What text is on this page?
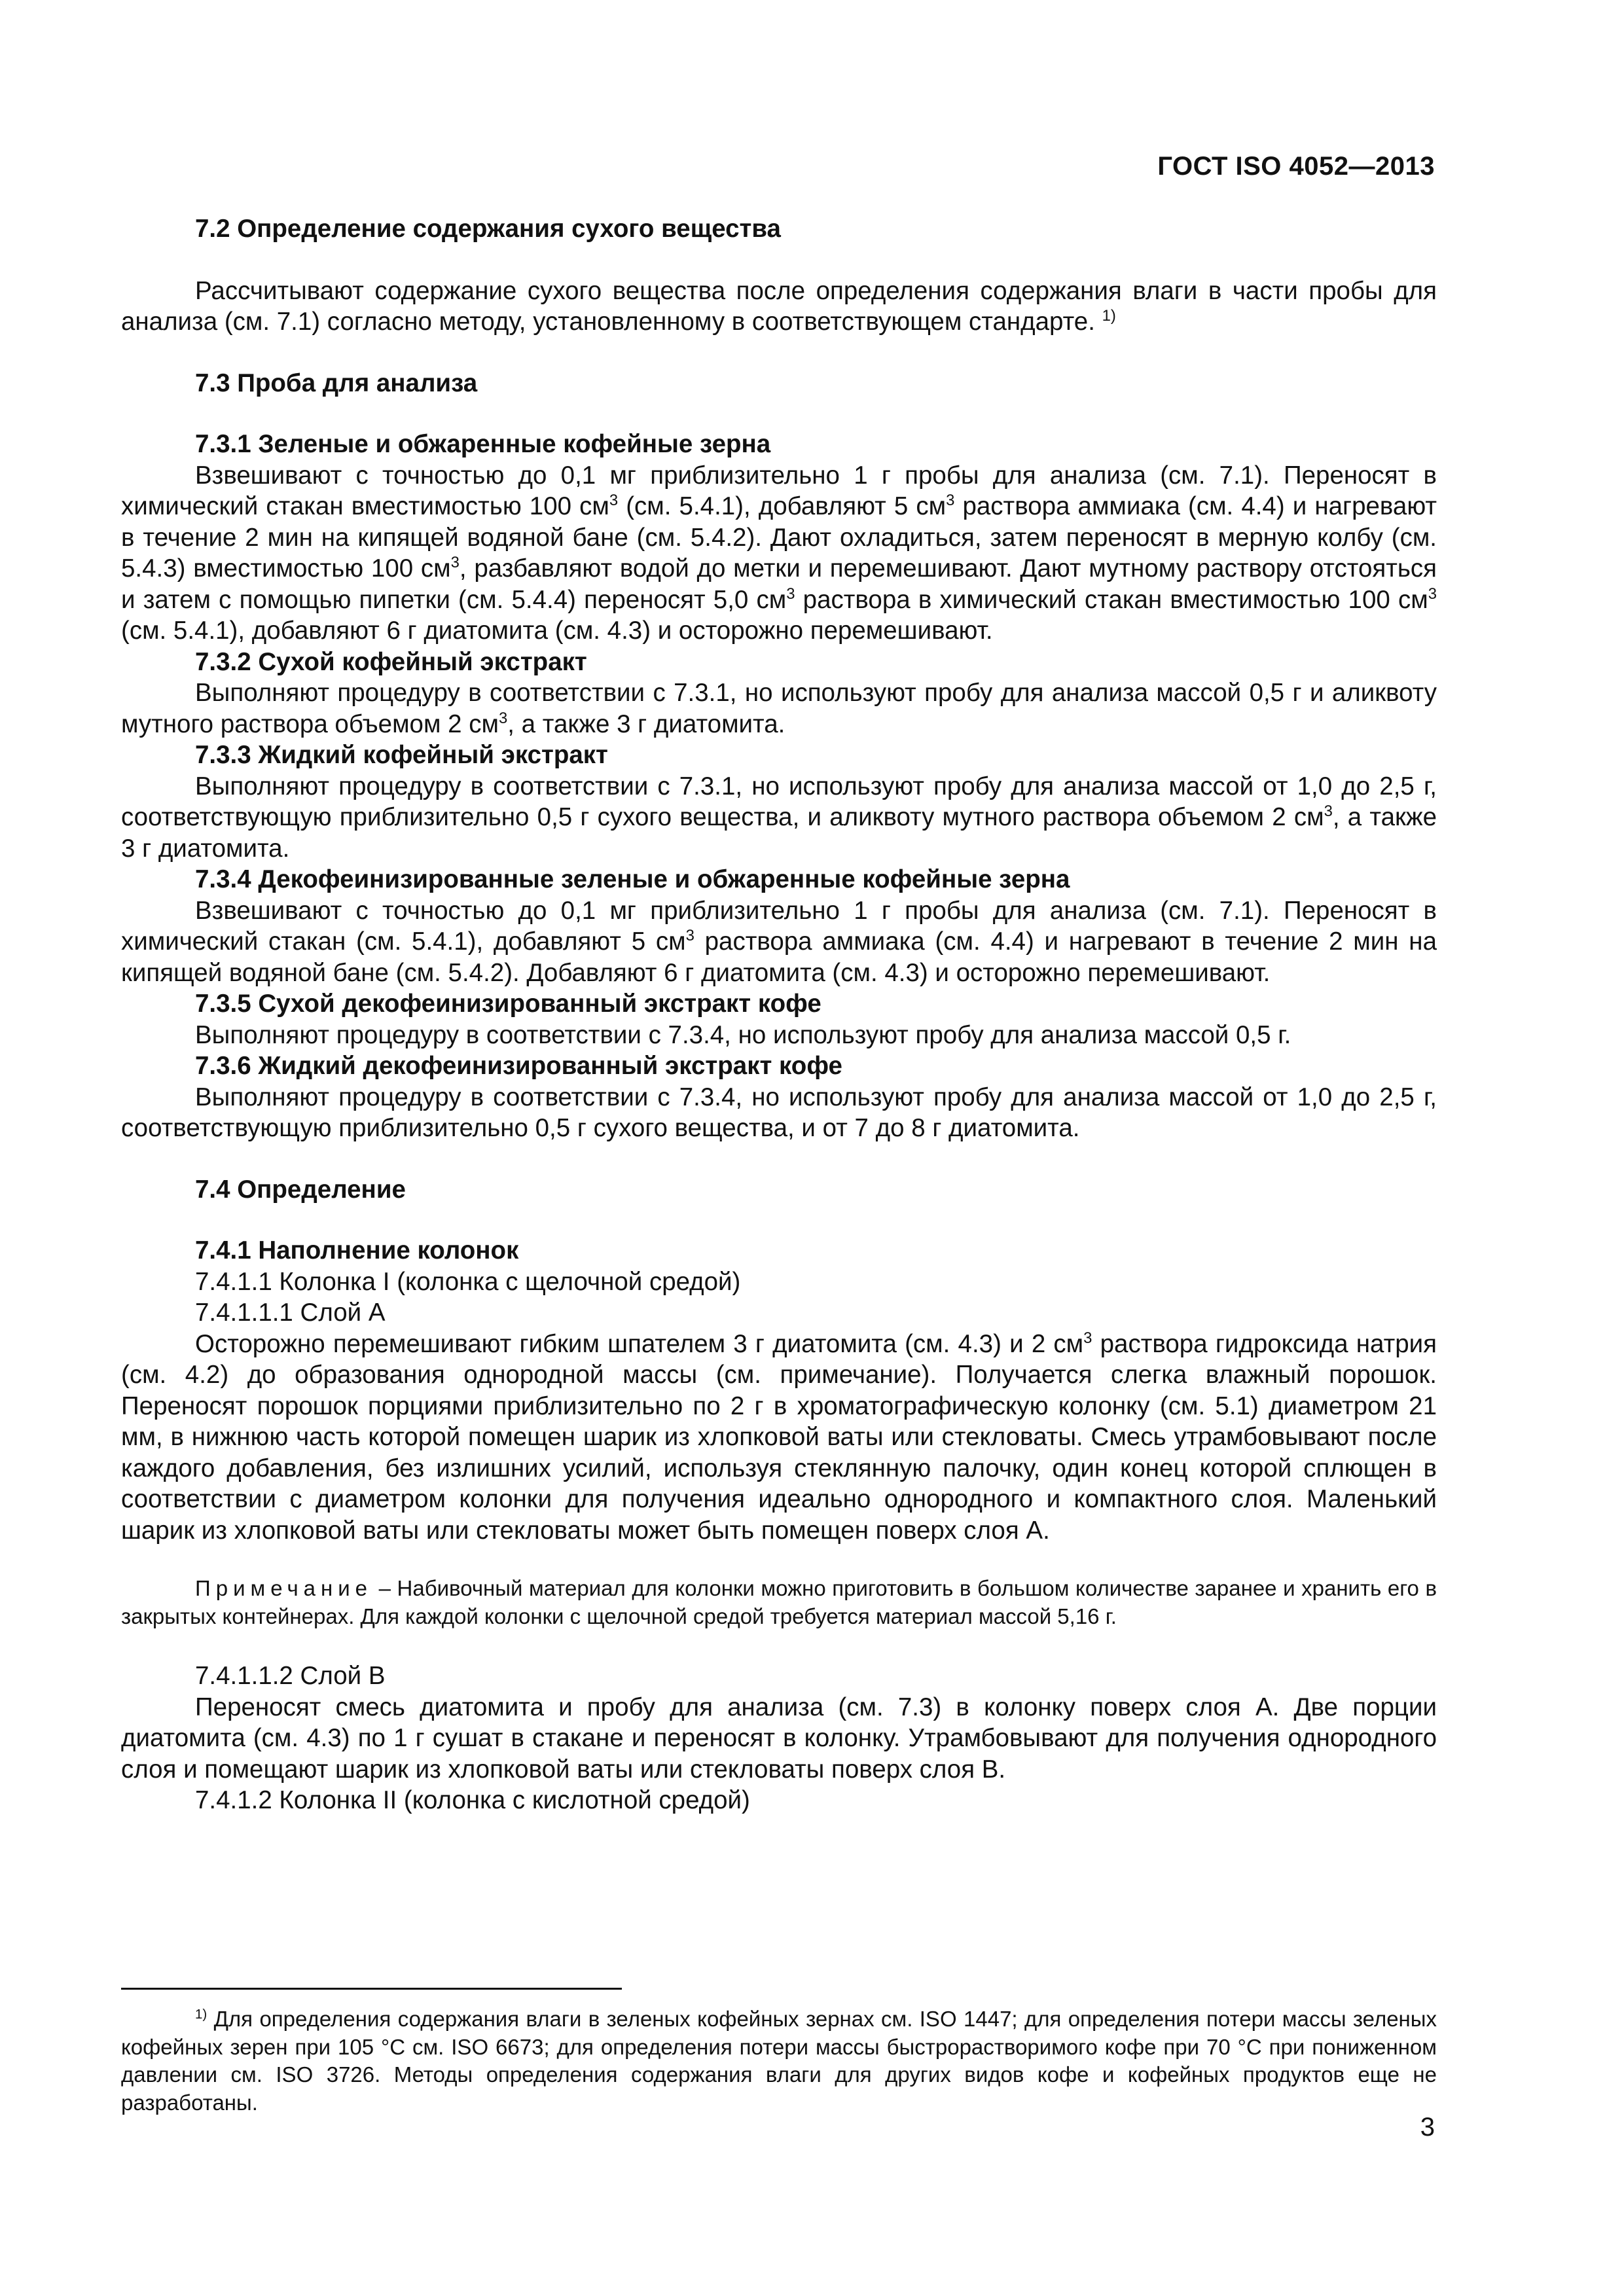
ГОСТ ISO 4052—2013

7.2 Определение содержания сухого вещества

Рассчитывают содержание сухого вещества после определения содержания влаги в части пробы для анализа (см. 7.1) согласно методу, установленному в соответствующем стандарте. $^{1)}$

7.3 Проба для анализа

7.3.1 Зеленые и обжаренные кофейные зерна

Взвешивают с точностью до 0,1 мг приблизительно 1 г пробы для анализа (см. 7.1). Переносят в химический стакан вместимостью 100 $см^3$ (см. 5.4.1), добавляют 5 $см^3$ раствора аммиака (см. 4.4) и нагревают в течение 2 мин на кипящей водяной бане (см. 5.4.2). Дают охладиться, затем переносят в мерную колбу (см. 5.4.3) вместимостью 100 $см^3$, разбавляют водой до метки и перемешивают. Дают мутному раствору отстояться и затем с помощью пипетки (см. 5.4.4) переносят 5,0 $см^3$ раствора в химический стакан вместимостью 100 $см^3$ (см. 5.4.1), добавляют 6 г диатомита (см. 4.3) и осторожно перемешивают.

7.3.2 Сухой кофейный экстракт

Выполняют процедуру в соответствии с 7.3.1, но используют пробу для анализа массой 0,5 г и аликвоту мутного раствора объемом 2 $см^3$, а также 3 г диатомита.

7.3.3 Жидкий кофейный экстракт

Выполняют процедуру в соответствии с 7.3.1, но используют пробу для анализа массой от 1,0 до 2,5 г, соответствующую приблизительно 0,5 г сухого вещества, и аликвоту мутного раствора объемом 2 $см^3$, а также 3 г диатомита.

7.3.4 Декофеинизированные зеленые и обжаренные кофейные зерна

Взвешивают с точностью до 0,1 мг приблизительно 1 г пробы для анализа (см. 7.1). Переносят в химический стакан (см. 5.4.1), добавляют 5 $см^3$ раствора аммиака (см. 4.4) и нагревают в течение 2 мин на кипящей водяной бане (см. 5.4.2). Добавляют 6 г диатомита (см. 4.3) и осторожно перемешивают.

7.3.5 Сухой декофеинизированный экстракт кофе

Выполняют процедуру в соответствии с 7.3.4, но используют пробу для анализа массой 0,5 г.

7.3.6 Жидкий декофеинизированный экстракт кофе

Выполняют процедуру в соответствии с 7.3.4, но используют пробу для анализа массой от 1,0 до 2,5 г, соответствующую приблизительно 0,5 г сухого вещества, и от 7 до 8 г диатомита.

7.4 Определение

7.4.1 Наполнение колонок

7.4.1.1 Колонка I (колонка с щелочной средой)

7.4.1.1.1 Слой А

Осторожно перемешивают гибким шпателем 3 г диатомита (см. 4.3) и 2 $см^3$ раствора гидроксида натрия (см. 4.2) до образования однородной массы (см. примечание). Получается слегка влажный порошок. Переносят порошок порциями приблизительно по 2 г в хроматографическую колонку (см. 5.1) диаметром 21 мм, в нижнюю часть которой помещен шарик из хлопковой ваты или стекловаты. Смесь утрамбовывают после каждого добавления, без излишних усилий, используя стеклянную палочку, один конец которой сплющен в соответствии с диаметром колонки для получения идеально однородного и компактного слоя. Маленький шарик из хлопковой ваты или стекловаты может быть помещен поверх слоя А.

Примечание – Набивочный материал для колонки можно приготовить в большом количестве заранее и хранить его в закрытых контейнерах. Для каждой колонки с щелочной средой требуется материал массой 5,16 г.

7.4.1.1.2 Слой В

Переносят смесь диатомита и пробу для анализа (см. 7.3) в колонку поверх слоя А. Две порции диатомита (см. 4.3) по 1 г сушат в стакане и переносят в колонку. Утрамбовывают для получения однородного слоя и помещают шарик из хлопковой ваты или стекловаты поверх слоя В.

7.4.1.2 Колонка II (колонка с кислотной средой)

$^{1)}$ Для определения содержания влаги в зеленых кофейных зернах см. ISO 1447; для определения потери массы зеленых кофейных зерен при 105 °С см. ISO 6673; для определения потери массы быстрорастворимого кофе при 70 °С при пониженном давлении см. ISO 3726. Методы определения содержания влаги для других видов кофе и кофейных продуктов еще не разработаны.

3
